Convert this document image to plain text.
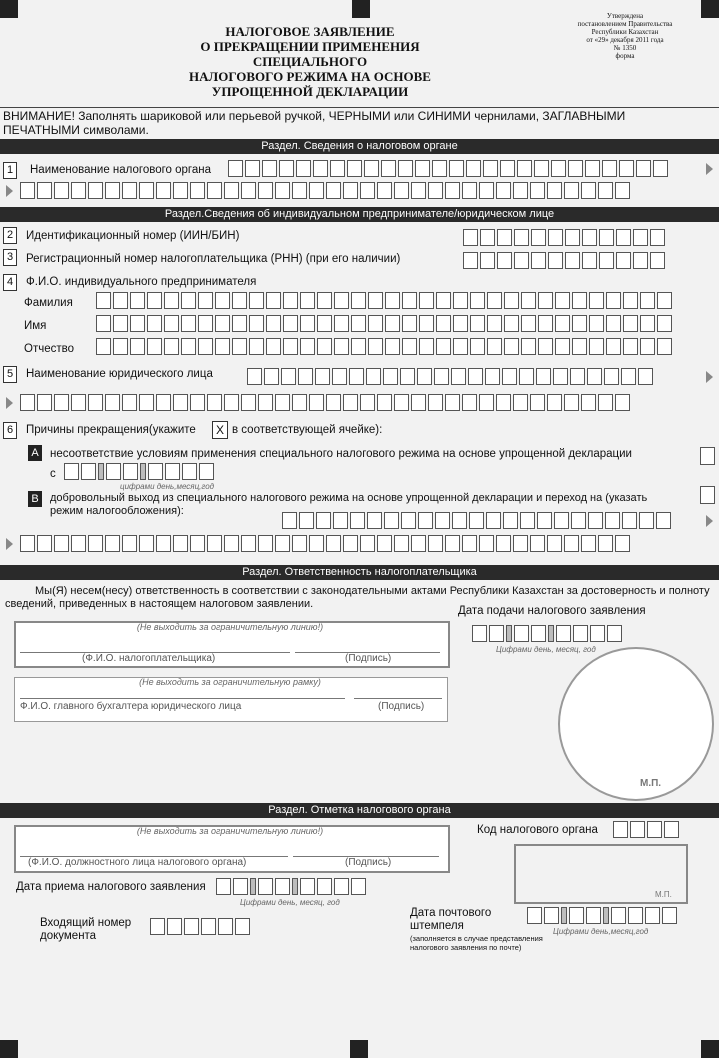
НАЛОГОВОЕ ЗАЯВЛЕНИЕ
О ПРЕКРАЩЕНИИ ПРИМЕНЕНИЯ СПЕЦИАЛЬНОГО
НАЛОГОВОГО РЕЖИМА НА ОСНОВЕ
УПРОЩЕННОЙ ДЕКЛАРАЦИИ
Утверждена
постановлением Правительства
Республики Казахстан
от «29» декабря 2011 года
№ 1350
форма
ВНИМАНИЕ! Заполнять шариковой или перьевой ручкой, ЧЕРНЫМИ или СИНИМИ чернилами, ЗАГЛАВНЫМИ ПЕЧАТНЫМИ символами.
Раздел. Сведения о налоговом органе
1	Наименование налогового органа
Раздел.Сведения об индивидуальном предпринимателе/юридическом лице
2	Идентификационный номер (ИИН/БИН)
3	Регистрационный номер налогоплательщика (РНН) (при его наличии)
4	Ф.И.О. индивидуального предпринимателя
Фамилия
Имя
Отчество
5	Наименование юридического лица
6	Причины прекращения(укажите	X в соответствующей ячейке):
A несоответствие условиям применения специального налогового режима на основе упрощенной декларации
с
цифрами день,месяц,год
B	добровольный выход из специального налогового режима на основе упрощенной декларации и переход на (указать режим налогообложения):
Раздел. Ответственность налогоплательщика
Мы(Я) несем(несу) ответственность в соответствии с законодательными актами Республики Казахстан за достоверность и полноту сведений, приведенных в настоящем налоговом заявлении.
Дата подачи налогового заявления
Цифрами день, месяц, год
(Не выходить за ограничительную линию!)
(Ф.И.О. налогоплательщика)	(Подпись)
(Не выходить за ограничительную рамку)
Ф.И.О. главного бухгалтера юридического лица	(Подпись)
М.П.
Раздел. Отметка налогового органа
(Не выходить за ограничительную линию!)
(Ф.И.О. должностного лица налогового органа)	(Подпись)
Код налогового органа
М.П.
Дата приема налогового заявления
Цифрами день, месяц, год
Входящий номер документа
Дата почтового штемпеля
(заполняется в случае представления налогового заявления по почте)
Цифрами день,месяц,год
